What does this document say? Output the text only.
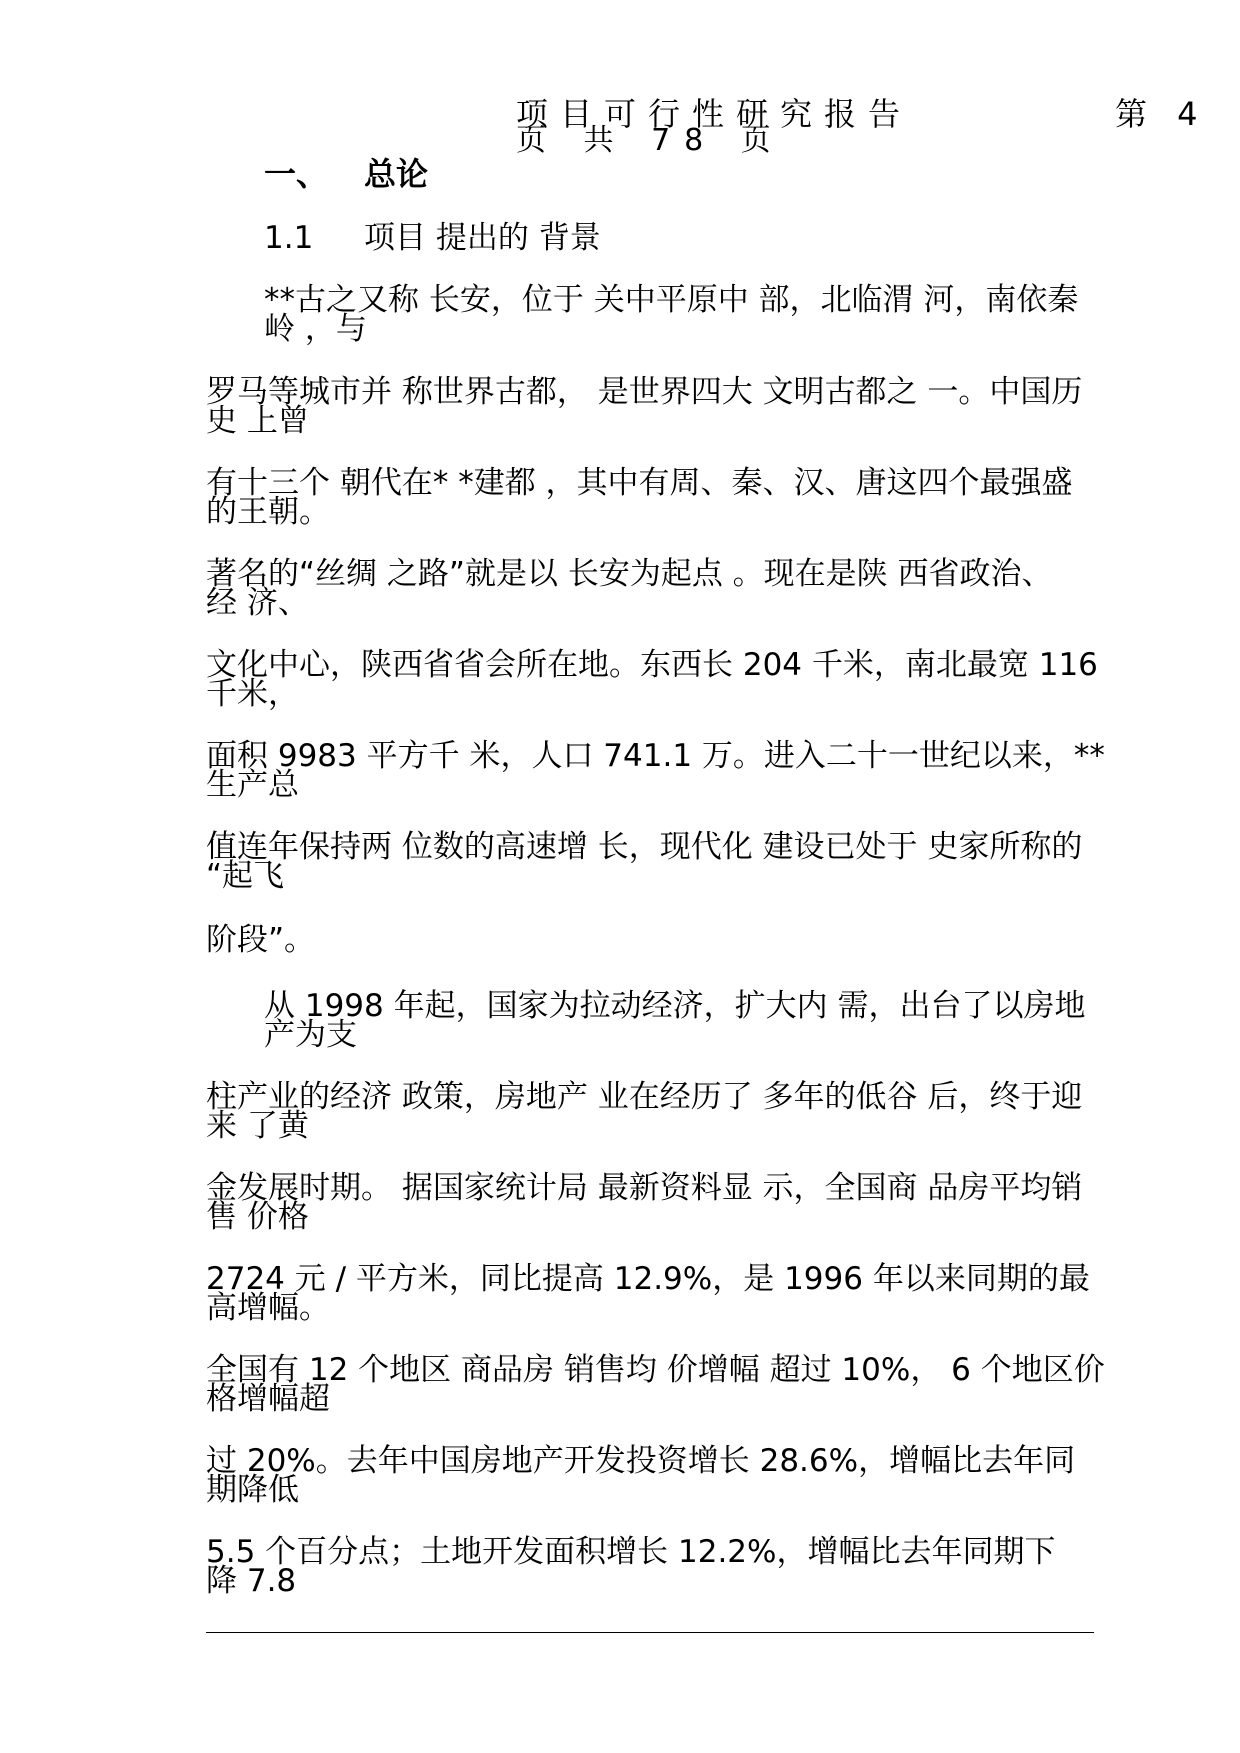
项目可行性研究报告	第 4
页 共 78 页
一、 总论
1.1 项目 提出的 背景
**古之又称 长安，位于 关中平原中 部，北临渭 河，南依秦
岭 ，与
罗马等城市并 称世界古都， 是世界四大 文明古都之 一。中国历
史 上曾
有十三个 朝代在* *建都 ，其中有周、秦、汉、唐这四个最强盛
的王朝。
著名的“丝绸 之路”就是以 长安为起点 。现在是陕 西省政治、
经 济、
文化中心，陕西省省会所在地。东西长 204 千米，南北最宽 116
千米，
面积 9983 平方千 米，人口 741.1 万。进入二十一世纪以来，**
生产总
值连年保持两 位数的高速增 长，现代化 建设已处于 史家所称的
“起飞
阶段”。
从 1998 年起，国家为拉动经济，扩大内 需，出台了以房地
产为支
柱产业的经济 政策，房地产 业在经历了 多年的低谷 后，终于迎
来 了黄
金发展时期。 据国家统计局 最新资料显 示，全国商 品房平均销
售 价格
2724 元 / 平方米，同比提高 12.9%，是 1996 年以来同期的最
高增幅。
全国有 12 个地区 商品房 销售均 价增幅 超过 10%， 6 个地区价
格增幅超
过 20%。去年中国房地产开发投资增长 28.6%，增幅比去年同
期降低
5.5 个百分点；土地开发面积增长 12.2%，增幅比去年同期下
降 7.8
